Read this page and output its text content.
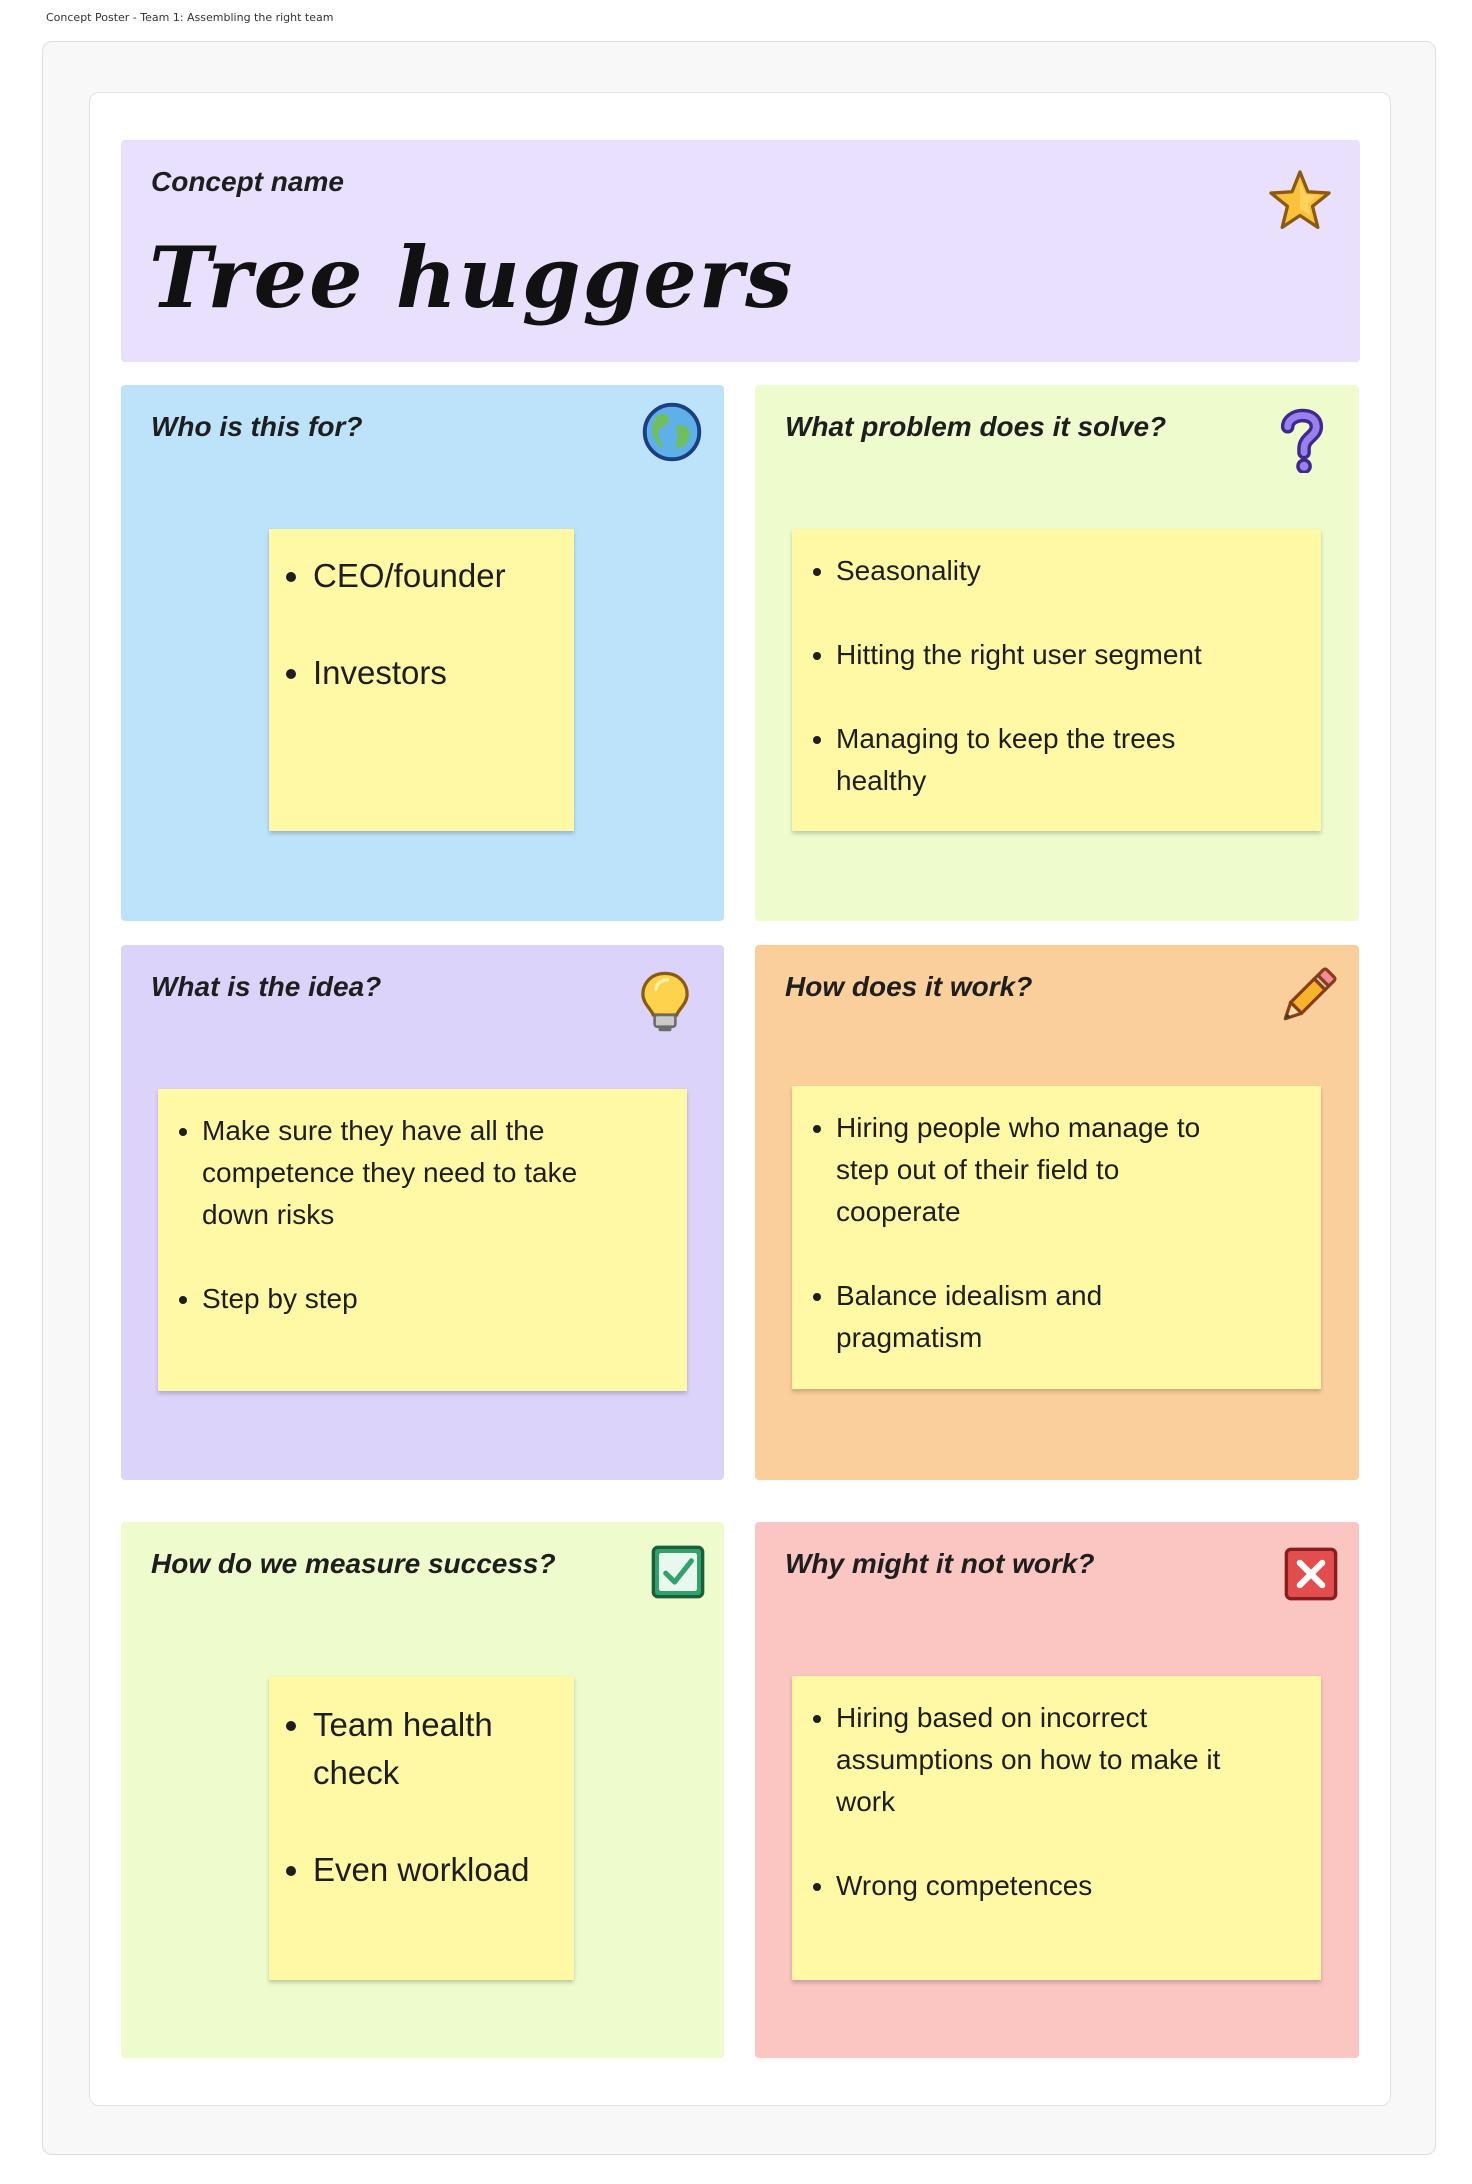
Concept Poster - Team 1: Assembling the right team
Concept name
Tree huggers
Who is this for?
• CEO/founder
• Investors
What problem does it solve?
• Seasonality
• Hitting the right user segment
• Managing to keep the trees healthy
What is the idea?
• Make sure they have all the competence they need to take down risks
• Step by step
How does it work?
• Hiring people who manage to step out of their field to cooperate
• Balance idealism and pragmatism
How do we measure success?
• Team health check
• Even workload
Why might it not work?
• Hiring based on incorrect assumptions on how to make it work
• Wrong competences
